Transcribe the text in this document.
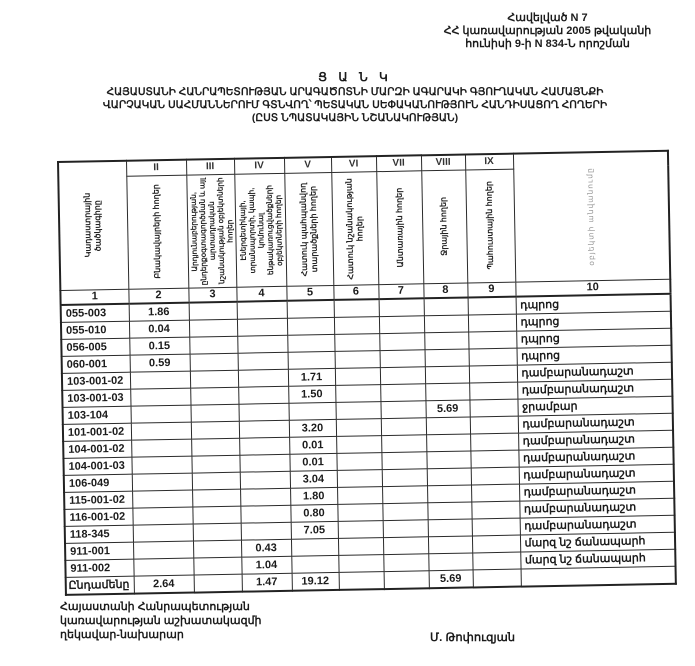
Հավելված N 7
ՀՀ կառավարության 2005 թվականի
հունիսի 9-ի N 834-Ն որոշման
Ց Ա Ն Կ
ՀԱՅԱՍՏԱՆԻ ՀԱՆՐԱՊԵՏՈՒԹՅԱՆ ԱՐԱԳԱԾՈՏՆԻ ՄԱՐԶԻ ԱԳԱՐԱԿԻ ԳՅՈՒՂԱԿԱՆ ՀԱՄԱՅՆՔԻ
ՎԱՐՉԱԿԱՆ ՍԱՀՄԱՆՆԵՐՈՒՄ ԳՏՆՎՈՂ՝ ՊԵՏԱԿԱՆ ՍԵՓԱԿԱՆՈՒԹՅՈՒՆ ՀԱՆԴԻՍԱՑՈՂ ՀՈՂԵՐԻ
(ԸՍՏ ՆՊԱՏԱԿԱՅԻՆ ՆՇԱՆԱԿՈՒԹՅԱՆ)
Կադաստրային ծածկագիրը	II	III	IV	V	VI	VII	VIII	IX	օբյեկտի անվանումը

	Բնակավայրերի հողեր	Արդյունաբերության, ընդերքօգտագործման և այլ արտադրական նշանակության օբյեկտների հողեր	Էներգետիկայի, տրանսպորտի, կապի, կոմունալ ենթակառուցվածքների օբյեկտների հողեր	Հատուկ պահպանվող տարածքների հողեր	Հատուկ նշանակության հողեր	Անտառային հողեր	Ջրային հողեր	Պահուստային հողեր	

1	2	3	4	5	6	7	8	9	10
055-003	1.86								դպրոց
055-010	0.04								դպրոց
056-005	0.15								դպրոց
060-001	0.59								դպրոց
103-001-02				1.71					դամբարանադաշտ
103-001-03				1.50					դամբարանադաշտ
103-104							5.69		ջրամբար
101-001-02				3.20					դամբարանադաշտ
104-001-02				0.01					դամբարանադաշտ
104-001-03				0.01					դամբարանադաշտ
106-049				3.04					դամբարանադաշտ
115-001-02				1.80					դամբարանադաշտ
116-001-02				0.80					դամբարանադաշտ
118-345				7.05					դամբարանադաշտ
911-001			0.43						մարզ նշ ճանապարհ
911-002			1.04						մարզ նշ ճանապարհ
Ընդամենը	2.64		1.47	19.12			5.69		
Հայաստանի Հանրապետության
կառավարության աշխատակազմի
ղեկավար-նախարար	Մ. Թոփուզյան
